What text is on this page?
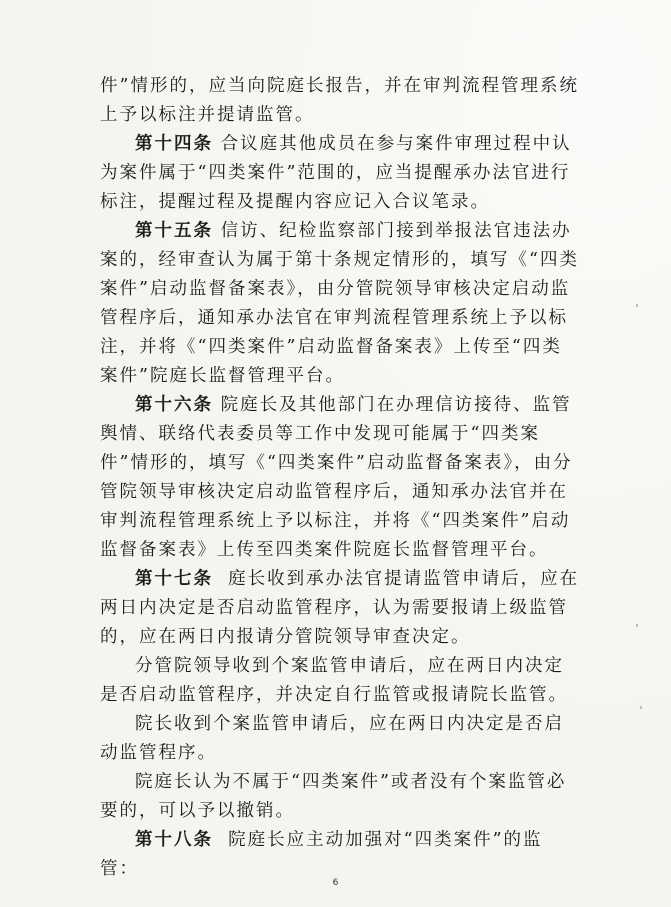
件”情形的，应当向院庭长报告，并在审判流程管理系统上予以标注并提请监管。

第十四条 合议庭其他成员在参与案件审理过程中认为案件属于“四类案件”范围的，应当提醒承办法官进行标注，提醒过程及提醒内容应记入合议笔录。

第十五条 信访、纪检监察部门接到举报法官违法办案的，经审查认为属于第十条规定情形的，填写《“四类案件”启动监督备案表》，由分管院领导审核决定启动监管程序后，通知承办法官在审判流程管理系统上予以标注，并将《“四类案件”启动监督备案表》上传至“四类案件”院庭长监督管理平台。

第十六条 院庭长及其他部门在办理信访接待、监管舆情、联络代表委员等工作中发现可能属于“四类案件”情形的，填写《“四类案件”启动监督备案表》，由分管院领导审核决定启动监管程序后，通知承办法官并在审判流程管理系统上予以标注，并将《“四类案件”启动监督备案表》上传至四类案件院庭长监督管理平台。

第十七条 庭长收到承办法官提请监管申请后，应在两日内决定是否启动监管程序，认为需要报请上级监管的，应在两日内报请分管院领导审查决定。

分管院领导收到个案监管申请后，应在两日内决定是否启动监管程序，并决定自行监管或报请院长监管。

院长收到个案监管申请后，应在两日内决定是否启动监管程序。

院庭长认为不属于“四类案件”或者没有个案监管必要的，可以予以撤销。

第十八条 院庭长应主动加强对“四类案件”的监管：

6
